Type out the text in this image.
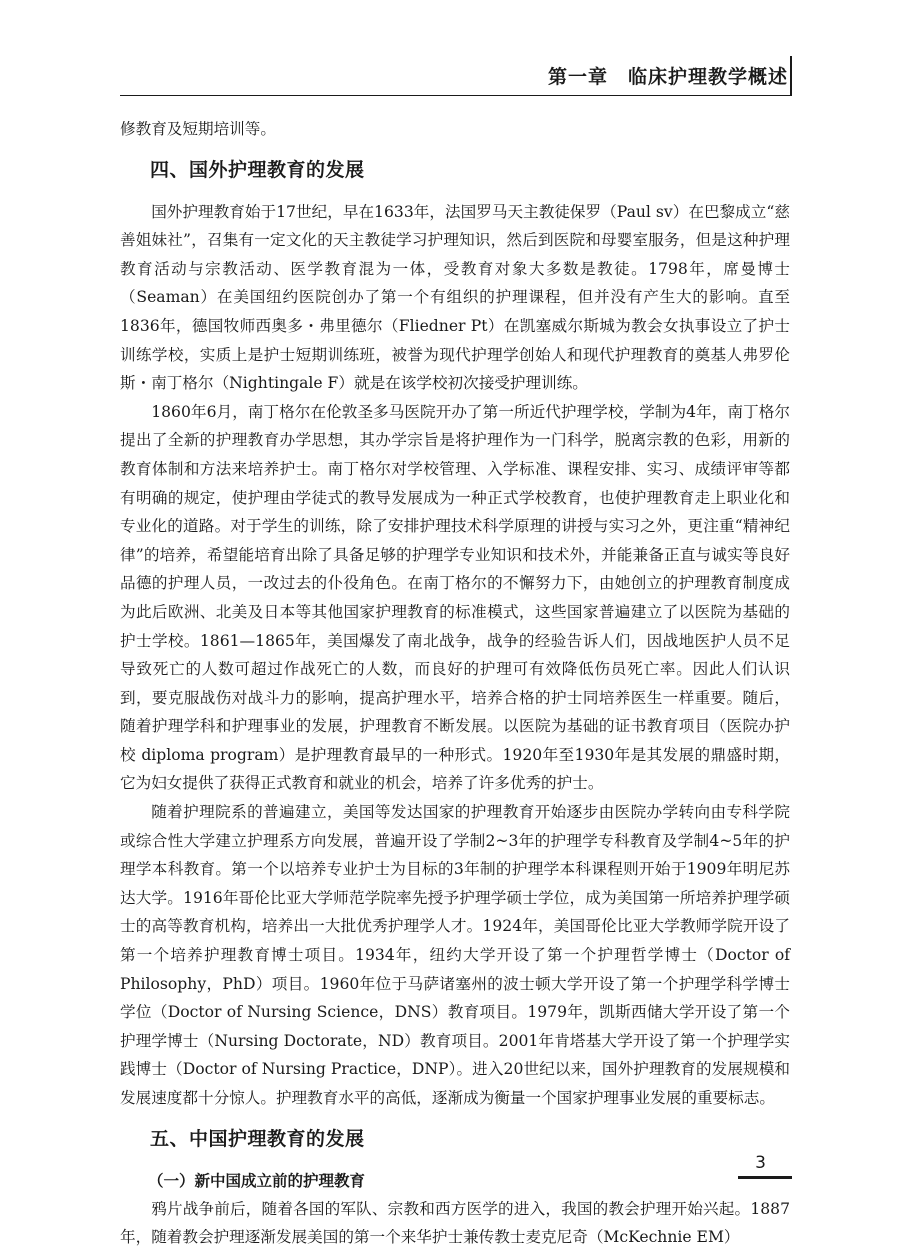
第一章　临床护理教学概述

修教育及短期培训等。

四、国外护理教育的发展

国外护理教育始于17世纪，早在1633年，法国罗马天主教徒保罗（Paul sv）在巴黎成立“慈善姐妹社”，召集有一定文化的天主教徒学习护理知识，然后到医院和母婴室服务，但是这种护理教育活动与宗教活动、医学教育混为一体，受教育对象大多数是教徒。1798年，席曼博士（Seaman）在美国纽约医院创办了第一个有组织的护理课程，但并没有产生大的影响。直至1836年，德国牧师西奥多・弗里德尔（Fliedner Pt）在凯塞威尔斯城为教会女执事设立了护士训练学校，实质上是护士短期训练班，被誉为现代护理学创始人和现代护理教育的奠基人弗罗伦斯・南丁格尔（Nightingale F）就是在该学校初次接受护理训练。

1860年6月，南丁格尔在伦敦圣多马医院开办了第一所近代护理学校，学制为4年，南丁格尔提出了全新的护理教育办学思想，其办学宗旨是将护理作为一门科学，脱离宗教的色彩，用新的教育体制和方法来培养护士。南丁格尔对学校管理、入学标准、课程安排、实习、成绩评审等都有明确的规定，使护理由学徒式的教导发展成为一种正式学校教育，也使护理教育走上职业化和专业化的道路。对于学生的训练，除了安排护理技术科学原理的讲授与实习之外，更注重“精神纪律”的培养，希望能培育出除了具备足够的护理学专业知识和技术外，并能兼备正直与诚实等良好品德的护理人员，一改过去的仆役角色。在南丁格尔的不懈努力下，由她创立的护理教育制度成为此后欧洲、北美及日本等其他国家护理教育的标准模式，这些国家普遍建立了以医院为基础的护士学校。1861—1865年，美国爆发了南北战争，战争的经验告诉人们，因战地医护人员不足导致死亡的人数可超过作战死亡的人数，而良好的护理可有效降低伤员死亡率。因此人们认识到，要克服战伤对战斗力的影响，提高护理水平，培养合格的护士同培养医生一样重要。随后，随着护理学科和护理事业的发展，护理教育不断发展。以医院为基础的证书教育项目（医院办护校 diploma program）是护理教育最早的一种形式。1920年至1930年是其发展的鼎盛时期，它为妇女提供了获得正式教育和就业的机会，培养了许多优秀的护士。

随着护理院系的普遍建立，美国等发达国家的护理教育开始逐步由医院办学转向由专科学院或综合性大学建立护理系方向发展，普遍开设了学制2~3年的护理学专科教育及学制4~5年的护理学本科教育。第一个以培养专业护士为目标的3年制的护理学本科课程则开始于1909年明尼苏达大学。1916年哥伦比亚大学师范学院率先授予护理学硕士学位，成为美国第一所培养护理学硕士的高等教育机构，培养出一大批优秀护理学人才。1924年，美国哥伦比亚大学教师学院开设了第一个培养护理教育博士项目。1934年，纽约大学开设了第一个护理哲学博士（Doctor of Philosophy，PhD）项目。1960年位于马萨诸塞州的波士顿大学开设了第一个护理学科学博士学位（Doctor of Nursing Science，DNS）教育项目。1979年，凯斯西储大学开设了第一个护理学博士（Nursing Doctorate，ND）教育项目。2001年肯塔基大学开设了第一个护理学实践博士（Doctor of Nursing Practice，DNP）。进入20世纪以来，国外护理教育的发展规模和发展速度都十分惊人。护理教育水平的高低，逐渐成为衡量一个国家护理事业发展的重要标志。

五、中国护理教育的发展
（一）新中国成立前的护理教育

鸦片战争前后，随着各国的军队、宗教和西方医学的进入，我国的教会护理开始兴起。1887年，随着教会护理逐渐发展美国的第一个来华护士兼传教士麦克尼奇（McKechnie EM）

3
